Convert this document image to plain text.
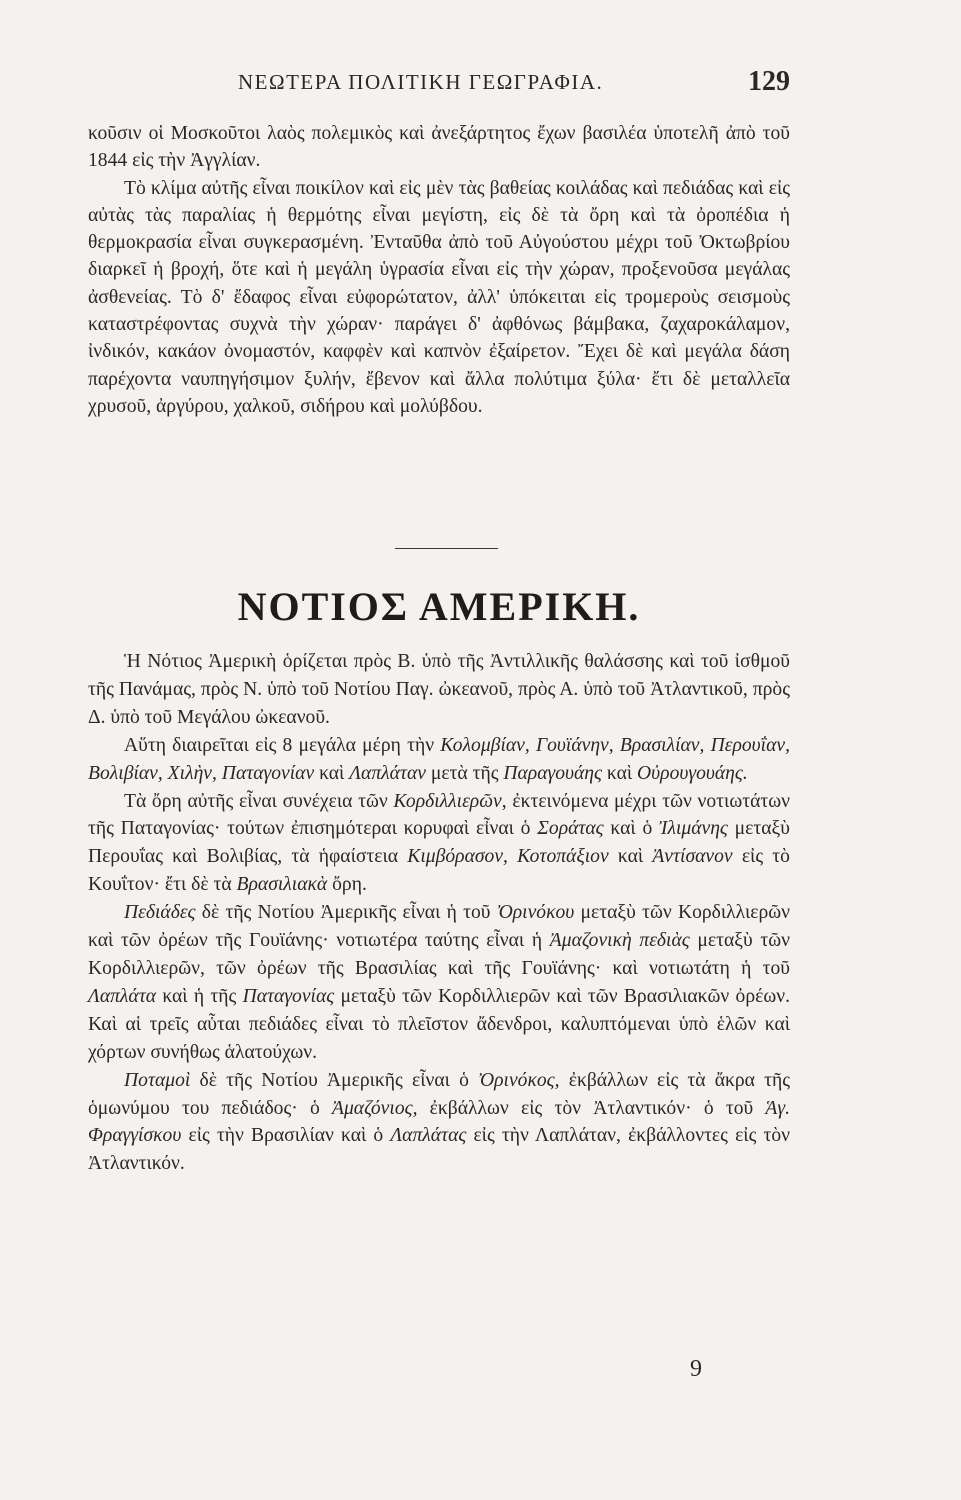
ΝΕΩΤΕΡΑ ΠΟΛΙΤΙΚΗ ΓΕΩΓΡΑΦΙΑ.	129

κοῦσιν οἱ Μοσκοῦτοι λαὸς πολεμικὸς καὶ ἀνεξάρτητος ἔχων βασιλέα ὑποτελῆ ἀπὸ τοῦ 1844 εἰς τὴν Ἀγγλίαν.

Τὸ κλίμα αὐτῆς εἶναι ποικίλον καὶ εἰς μὲν τὰς βαθείας κοιλάδας καὶ πεδιάδας καὶ εἰς αὐτὰς τὰς παραλίας ἡ θερμότης εἶναι μεγίστη, εἰς δὲ τὰ ὄρη καὶ τὰ ὀροπέδια ἡ θερμοκρασία εἶναι συγκερασμένη. Ἐνταῦθα ἀπὸ τοῦ Αὐγούστου μέχρι τοῦ Ὀκτωβρίου διαρκεῖ ἡ βροχή, ὅτε καὶ ἡ μεγάλη ὑγρασία εἶναι εἰς τὴν χώραν, προξενοῦσα μεγάλας ἀσθενείας. Τὸ δ' ἔδαφος εἶναι εὐφορώτατον, ἀλλ' ὑπόκειται εἰς τρομεροὺς σεισμοὺς καταστρέφοντας συχνὰ τὴν χώραν· παράγει δ' ἀφθόνως βάμβακα, ζαχαροκάλαμον, ἰνδικόν, κακάον ὀνομαστόν, καφφὲν καὶ καπνὸν ἐξαίρετον. Ἔχει δὲ καὶ μεγάλα δάση παρέχοντα ναυπηγήσιμον ξυλήν, ἔβενον καὶ ἄλλα πολύτιμα ξύλα· ἔτι δὲ μεταλλεῖα χρυσοῦ, ἀργύρου, χαλκοῦ, σιδήρου καὶ μολύβδου.

ΝΟΤΙΟΣ ΑΜΕΡΙΚΗ.

Ἡ Νότιος Ἀμερικὴ ὁρίζεται πρὸς Β. ὑπὸ τῆς Ἀντιλλικῆς θαλάσσης καὶ τοῦ ἰσθμοῦ τῆς Πανάμας, πρὸς Ν. ὑπὸ τοῦ Νοτίου Παγ. ὠκεανοῦ, πρὸς Α. ὑπὸ τοῦ Ἀτλαντικοῦ, πρὸς Δ. ὑπὸ τοῦ Μεγάλου ὠκεανοῦ.

Αὕτη διαιρεῖται εἰς 8 μεγάλα μέρη τὴν Κολομβίαν, Γουϊάνην, Βρασιλίαν, Περουΐαν, Βολιβίαν, Χιλὴν, Παταγονίαν καὶ Λαπλάταν μετὰ τῆς Παραγουάης καὶ Οὐρουγουάης.

Τὰ ὄρη αὐτῆς εἶναι συνέχεια τῶν Κορδιλλιερῶν, ἐκτεινόμενα μέχρι τῶν νοτιωτάτων τῆς Παταγονίας· τούτων ἐπισημότεραι κορυφαὶ εἶναι ὁ Σοράτας καὶ ὁ Ἰλιμάνης μεταξὺ Περουΐας καὶ Βολιβίας, τὰ ἡφαίστεια Κιμβόρασον, Κοτοπάξιον καὶ Ἀντίσανον εἰς τὸ Κουΐτον· ἔτι δὲ τὰ Βρασιλιακὰ ὄρη.

Πεδιάδες δὲ τῆς Νοτίου Ἀμερικῆς εἶναι ἡ τοῦ Ὀρινόκου μεταξὺ τῶν Κορδιλλιερῶν καὶ τῶν ὀρέων τῆς Γουϊάνης· νοτιωτέρα ταύτης εἶναι ἡ Ἀμαζονικὴ πεδιὰς μεταξὺ τῶν Κορδιλλιερῶν, τῶν ὀρέων τῆς Βρασιλίας καὶ τῆς Γουϊάνης· καὶ νοτιωτάτη ἡ τοῦ Λαπλάτα καὶ ἡ τῆς Παταγονίας μεταξὺ τῶν Κορδιλλιερῶν καὶ τῶν Βρασιλιακῶν ὀρέων. Καὶ αἱ τρεῖς αὗται πεδιάδες εἶναι τὸ πλεῖστον ἄδενδροι, καλυπτόμεναι ὑπὸ ἑλῶν καὶ χόρτων συνήθως ἁλατούχων.

Ποταμοὶ δὲ τῆς Νοτίου Ἀμερικῆς εἶναι ὁ Ὀρινόκος, ἐκβάλλων εἰς τὰ ἄκρα τῆς ὁμωνύμου του πεδιάδος· ὁ Ἀμαζόνιος, ἐκβάλλων εἰς τὸν Ἀτλαντικόν· ὁ τοῦ Ἁγ. Φραγγίσκου εἰς τὴν Βρασιλίαν καὶ ὁ Λαπλάτας εἰς τὴν Λαπλάταν, ἐκβάλλοντες εἰς τὸν Ἀτλαντικόν.

9
